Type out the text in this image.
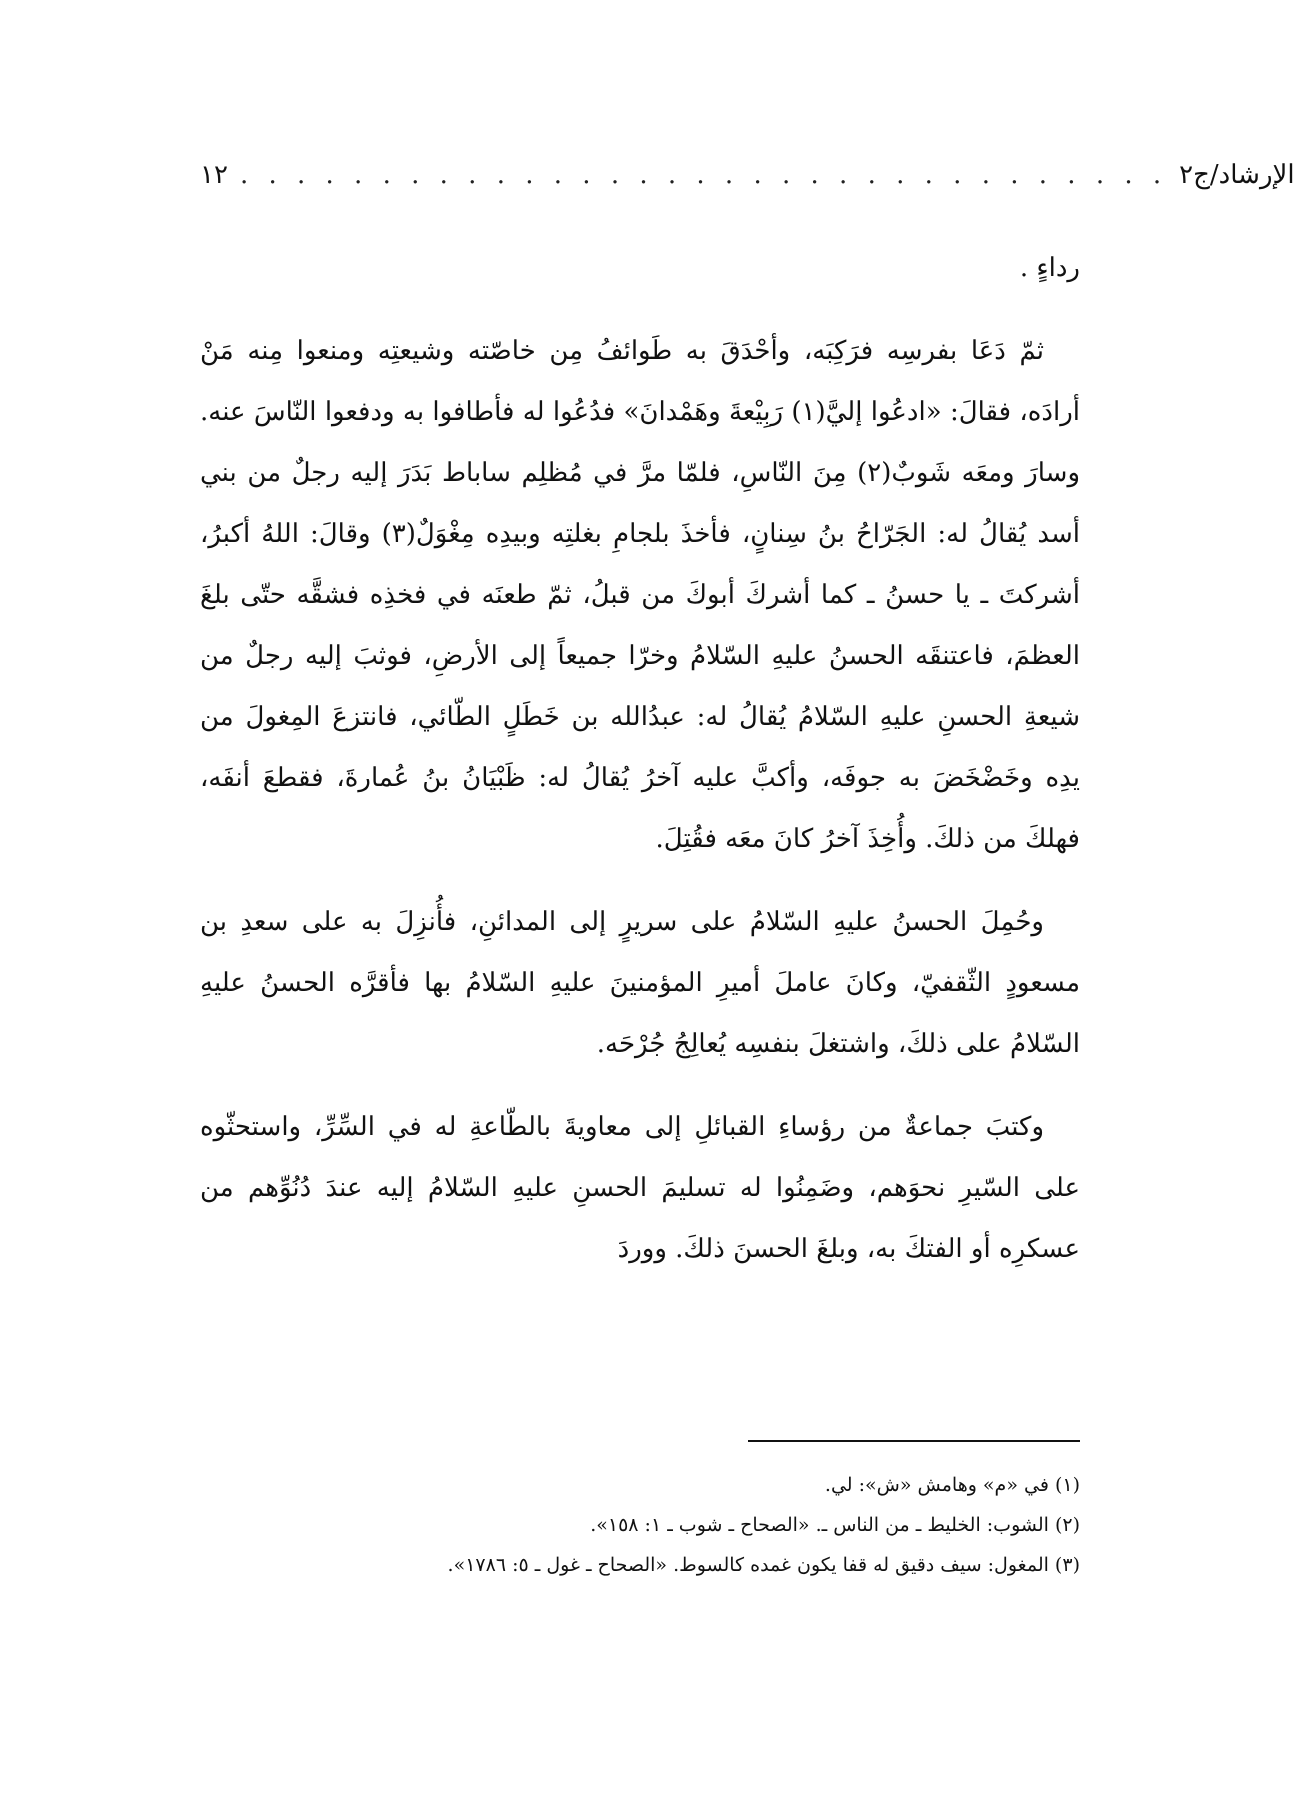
١٢ . . . . . . . . . . . . . . . . . . . . . . . . . . . . . . . . . الإرشاد/ج٢

رداءٍ .

ثمّ دَعَا بفرسِه فرَكِبَه، وأحْدَقَ به طَوائفُ مِن خاصّته وشيعتِه ومنعوا مِنه مَنْ أرادَه، فقالَ: «ادعُوا إليَّ(١) رَبِيْعةَ وهَمْدانَ» فدُعُوا له فأطافوا به ودفعوا النّاسَ عنه. وسارَ ومعَه شَوبٌ(٢) مِنَ النّاسِ، فلمّا مرَّ في مُظلِم ساباط بَدَرَ إليه رجلٌ من بني أسد يُقالُ له: الجَرّاحُ بنُ سِنانٍ، فأخذَ بلجامِ بغلتِه وبيدِه مِغْوَلٌ(٣) وقالَ: اللهُ أكبرُ، أشركتَ ـ يا حسنُ ـ كما أشركَ أبوكَ من قبلُ، ثمّ طعنَه في فخذِه فشقَّه حتّى بلغَ العظمَ، فاعتنقَه الحسنُ عليهِ السّلامُ وخرّا جميعاً إلى الأرضِ، فوثبَ إليه رجلٌ من شيعةِ الحسنِ عليهِ السّلامُ يُقالُ له: عبدُالله بن خَطَلٍ الطّائي، فانتزعَ المِغولَ من يدِه وخَضْخَضَ به جوفَه، وأكبَّ عليه آخرُ يُقالُ له: ظَبْيَانُ بنُ عُمارةَ، فقطعَ أنفَه، فهلكَ من ذلكَ. وأُخِذَ آخرُ كانَ معَه فقُتِلَ.

وحُمِلَ الحسنُ عليهِ السّلامُ على سريرٍ إلى المدائنِ، فأُنزِلَ به على سعدِ بن مسعودٍ الثّقفيّ، وكانَ عاملَ أميرِ المؤمنينَ عليهِ السّلامُ بها فأقرَّه الحسنُ عليهِ السّلامُ على ذلكَ، واشتغلَ بنفسِه يُعالِجُ جُرْحَه.

وكتبَ جماعةٌ من رؤساءِ القبائلِ إلى معاويةَ بالطّاعةِ له في السِّرِّ، واستحثّوه على السّيرِ نحوَهم، وضَمِنُوا له تسليمَ الحسنِ عليهِ السّلامُ إليه عندَ دُنُوِّهم من عسكرِه أو الفتكَ به، وبلغَ الحسنَ ذلكَ. ووردَ

(١) في «م» وهامش «ش»: لي.

(٢) الشوب: الخليط ـ من الناس ـ. «الصحاح ـ شوب ـ ١: ١٥٨».

(٣) المغول: سيف دقيق له قفا يكون غمده كالسوط. «الصحاح ـ غول ـ ٥: ١٧٨٦».
